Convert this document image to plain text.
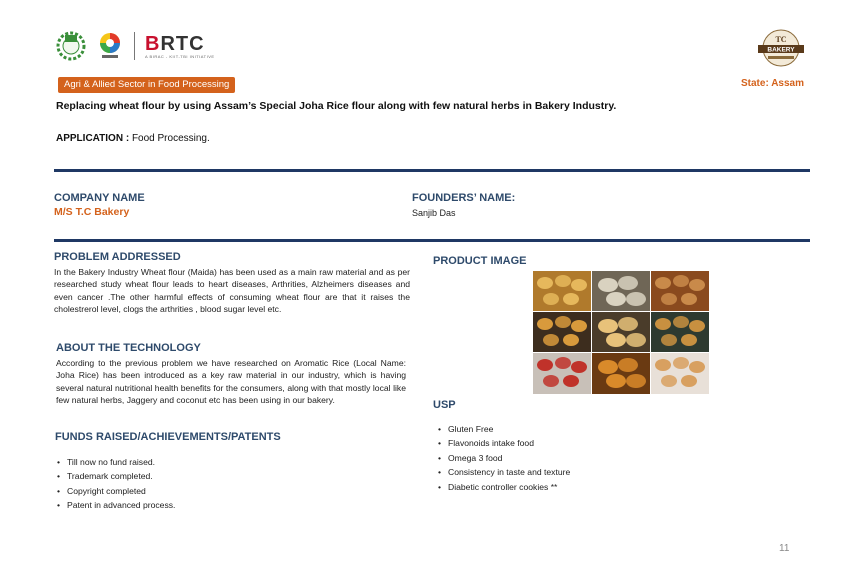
BRTC
A BIRAC - KIIT-TBI INITIATIVE
TC
BAKERY
Agri & Allied Sector in Food Processing	State: Assam
Replacing wheat flour by using Assam’s Special Joha Rice flour along with few natural herbs in Bakery Industry.
APPLICATION : Food Processing.
COMPANY NAME
M/S T.C Bakery
FOUNDERS’ NAME:
Sanjib Das
PROBLEM ADDRESSED
In the Bakery Industry Wheat flour (Maida) has been used as a main raw material and as per researched study wheat flour leads to heart diseases, Arthrities, Alzheimers diseases and even cancer .The other harmful effects of consuming wheat flour are that it raises the cholestrerol level, clogs the arthrities , blood sugar level etc.
ABOUT THE TECHNOLOGY
According to the previous problem we have researched on Aromatic Rice (Local Name: Joha Rice) has been introduced as a key raw material in our industry, which is having several natural nutritional health benefits for the consumers, along with that mostly local like few natural herbs, Jaggery and coconut etc has been using in our bakery.
FUNDS RAISED/ACHIEVEMENTS/PATENTS
• Till now no fund raised.
• Trademark completed.
• Copyright completed
• Patent in advanced process.
PRODUCT IMAGE
USP
• Gluten Free
• Flavonoids intake food
• Omega 3 food
• Consistency in taste and texture
• Diabetic controller cookies **
11
